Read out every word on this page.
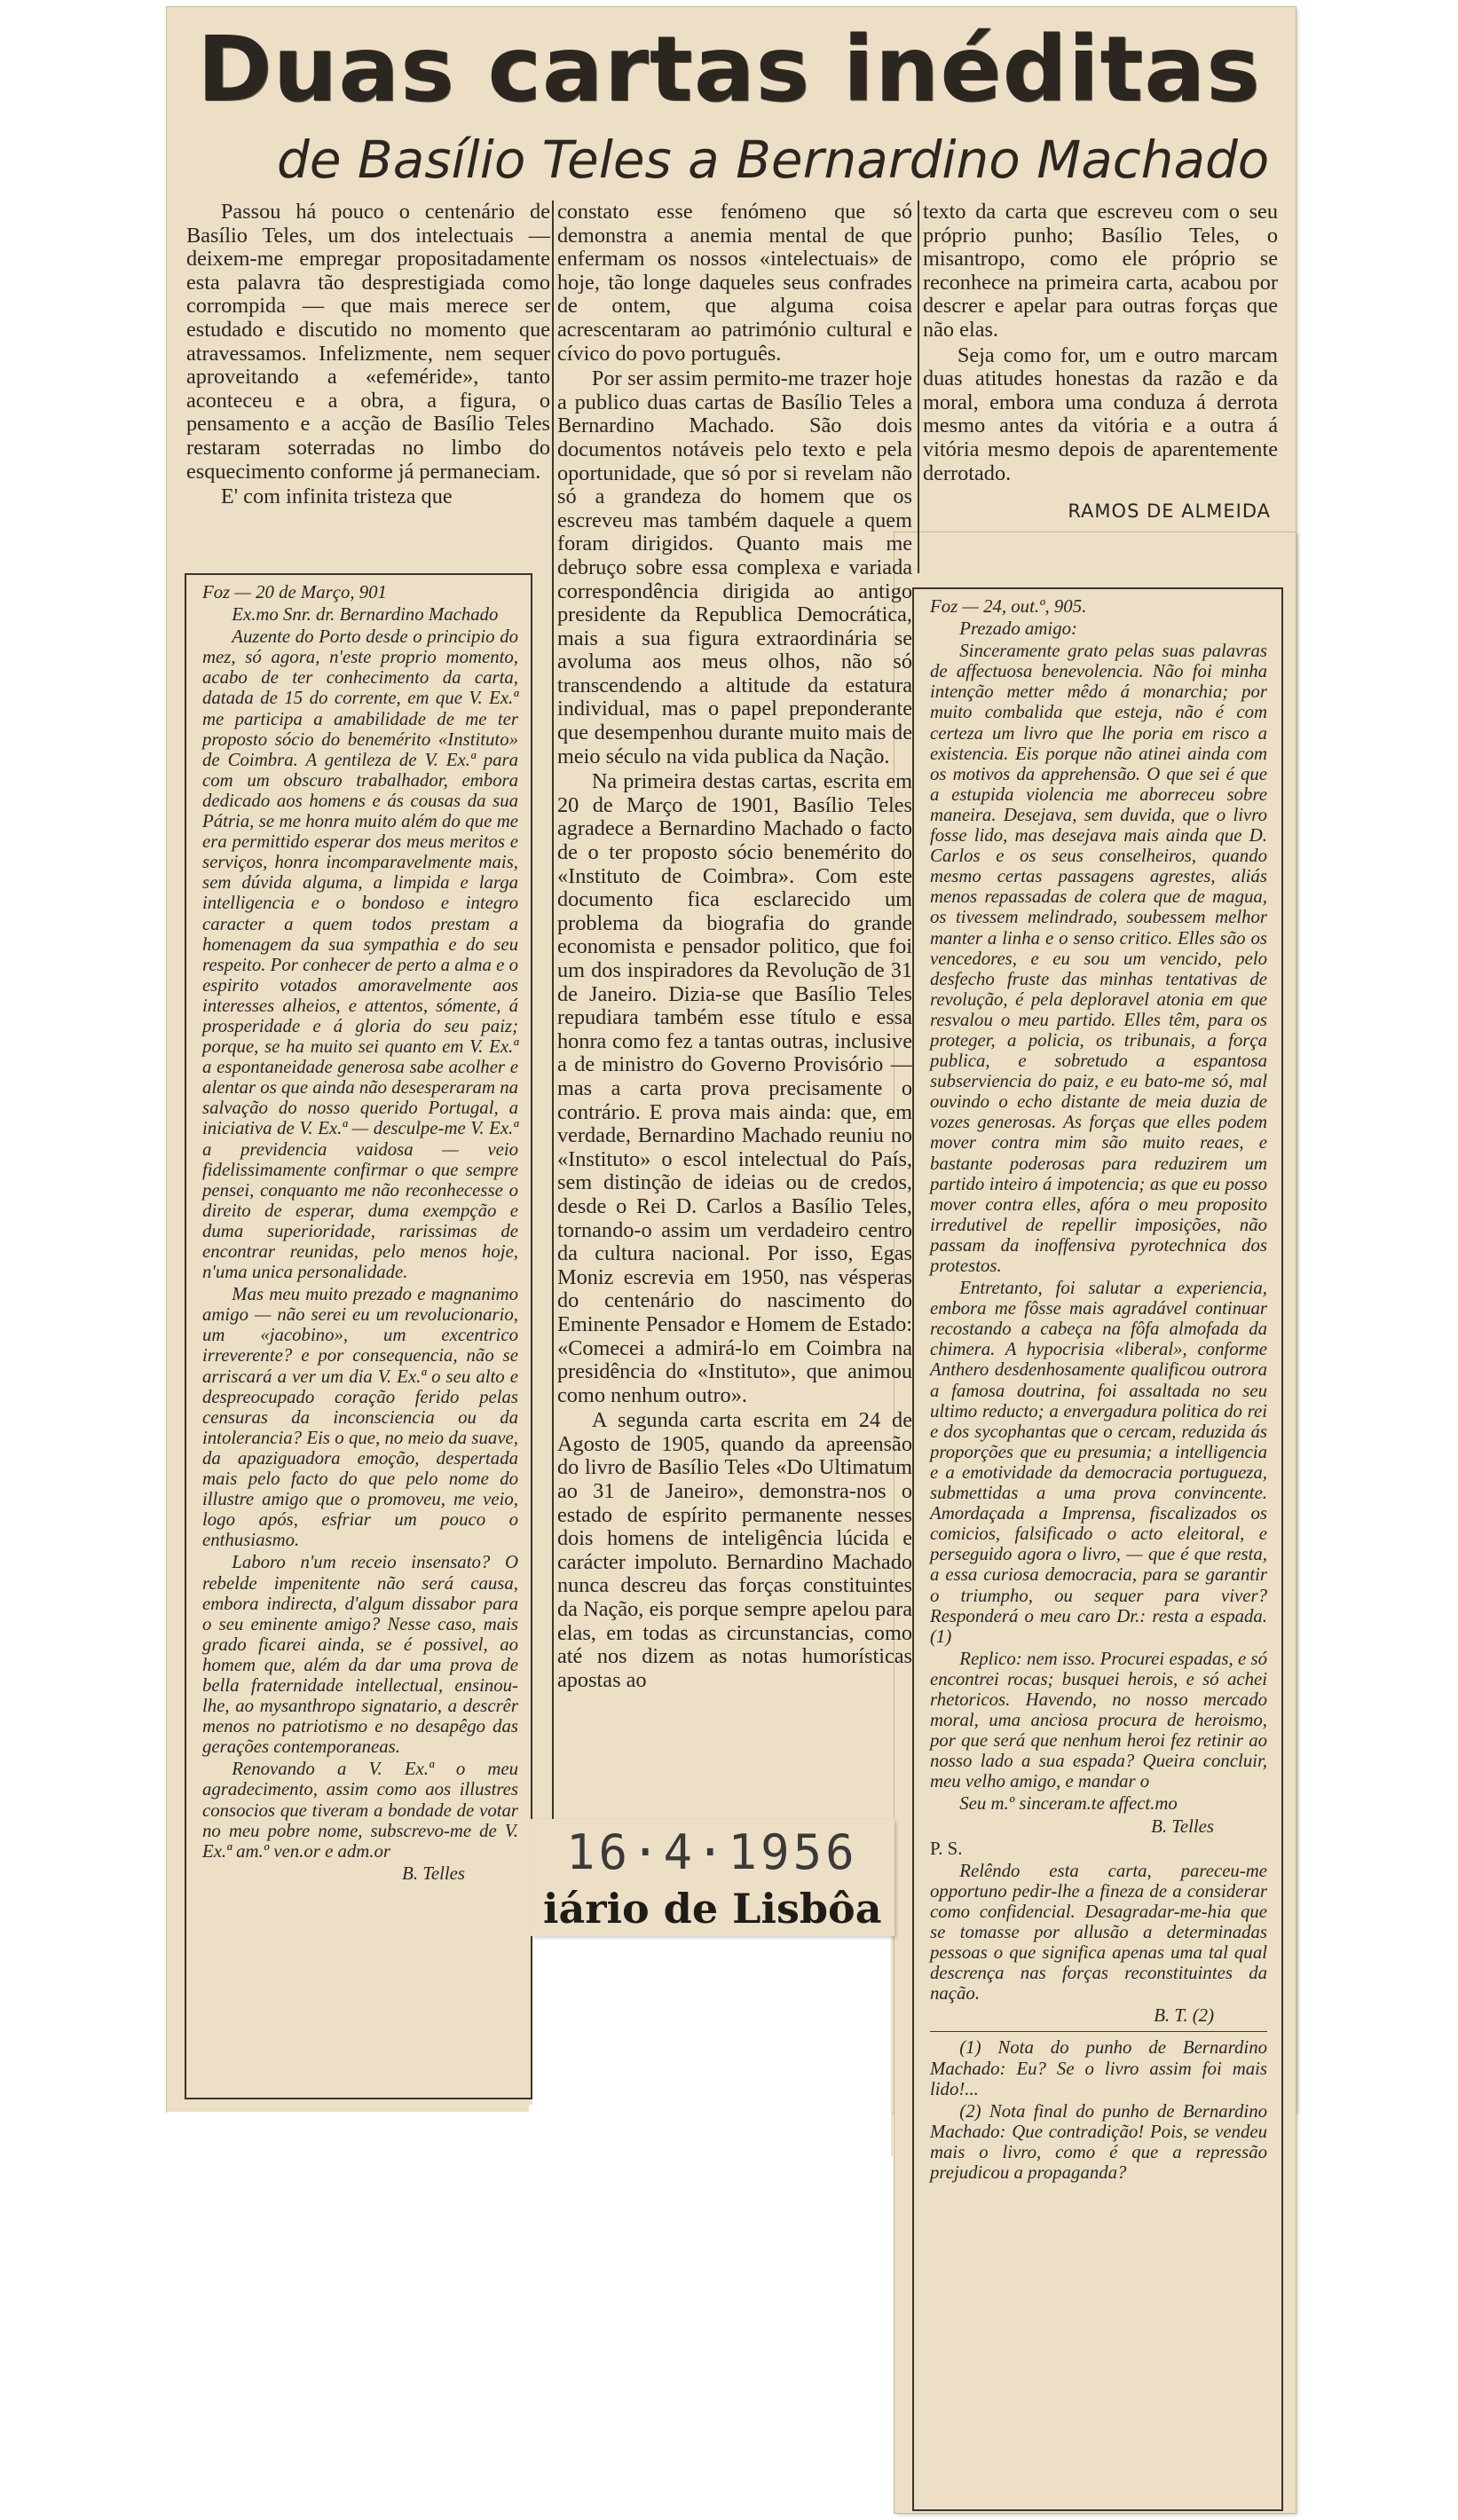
Duas cartas inéditas
de Basílio Teles a Bernardino Machado

Passou há pouco o centenário de Basílio Teles, um dos intelectuais — deixem-me empregar propositadamente esta palavra tão desprestigiada como corrompida — que mais merece ser estudado e discutido no momento que atravessamos. Infelizmente, nem sequer aproveitando a «efeméride», tanto aconteceu e a obra, a figura, o pensamento e a acção de Basílio Teles restaram soterradas no limbo do esquecimento conforme já permaneciam.

E' com infinita tristeza que

constato esse fenómeno que só demonstra a anemia mental de que enfermam os nossos «intelectuais» de hoje, tão longe daqueles seus confrades de ontem, que alguma coisa acrescentaram ao património cultural e cívico do povo português.

Por ser assim permito-me trazer hoje a publico duas cartas de Basílio Teles a Bernardino Machado. São dois documentos notáveis pelo texto e pela oportunidade, que só por si revelam não só a grandeza do homem que os escreveu mas também daquele a quem foram dirigidos. Quanto mais me debruço sobre essa complexa e variada correspondência dirigida ao antigo presidente da Republica Democrática, mais a sua figura extraordinária se avoluma aos meus olhos, não só transcendendo a altitude da estatura individual, mas o papel preponderante que desempenhou durante muito mais de meio século na vida publica da Nação.

Na primeira destas cartas, escrita em 20 de Março de 1901, Basílio Teles agradece a Bernardino Machado o facto de o ter proposto sócio benemérito do «Instituto de Coimbra». Com este documento fica esclarecido um problema da biografia do grande economista e pensador politico, que foi um dos inspiradores da Revolução de 31 de Janeiro. Dizia-se que Basílio Teles repudiara também esse título e essa honra como fez a tantas outras, inclusive a de ministro do Governo Provisório — mas a carta prova precisamente o contrário. E prova mais ainda: que, em verdade, Bernardino Machado reuniu no «Instituto» o escol intelectual do País, sem distinção de ideias ou de credos, desde o Rei D. Carlos a Basílio Teles, tornando-o assim um verdadeiro centro da cultura nacional. Por isso, Egas Moniz escrevia em 1950, nas vésperas do centenário do nascimento do Eminente Pensador e Homem de Estado: «Comecei a admirá-lo em Coimbra na presidência do «Instituto», que animou como nenhum outro».

A segunda carta escrita em 24 de Agosto de 1905, quando da apreensão do livro de Basílio Teles «Do Ultimatum ao 31 de Janeiro», demonstra-nos o estado de espírito permanente nesses dois homens de inteligência lúcida e carácter impoluto. Bernardino Machado nunca descreu das forças constituintes da Nação, eis porque sempre apelou para elas, em todas as circunstancias, como até nos dizem as notas humorísticas apostas ao

texto da carta que escreveu com o seu próprio punho; Basílio Teles, o misantropo, como ele próprio se reconhece na primeira carta, acabou por descrer e apelar para outras forças que não elas.

Seja como for, um e outro marcam duas atitudes honestas da razão e da moral, embora uma conduza á derrota mesmo antes da vitória e a outra á vitória mesmo depois de aparentemente derrotado.

RAMOS DE ALMEIDA

Foz — 20 de Março, 901

Ex.mo Snr. dr. Bernardino Machado

Auzente do Porto desde o principio do mez, só agora, n'este proprio momento, acabo de ter conhecimento da carta, datada de 15 do corrente, em que V. Ex.ª me participa a amabilidade de me ter proposto sócio do benemérito «Instituto» de Coimbra. A gentileza de V. Ex.ª para com um obscuro trabalhador, embora dedicado aos homens e ás cousas da sua Pátria, se me honra muito além do que me era permittido esperar dos meus meritos e serviços, honra incomparavelmente mais, sem dúvida alguma, a limpida e larga intelligencia e o bondoso e integro caracter a quem todos prestam a homenagem da sua sympathia e do seu respeito. Por conhecer de perto a alma e o espirito votados amoravelmente aos interesses alheios, e attentos, sómente, á prosperidade e á gloria do seu paiz; porque, se ha muito sei quanto em V. Ex.ª a espontaneidade generosa sabe acolher e alentar os que ainda não desesperaram na salvação do nosso querido Portugal, a iniciativa de V. Ex.ª — desculpe-me V. Ex.ª a previdencia vaidosa — veio fidelissimamente confirmar o que sempre pensei, conquanto me não reconhecesse o direito de esperar, duma exempção e duma superioridade, rarissimas de encontrar reunidas, pelo menos hoje, n'uma unica personalidade.

Mas meu muito prezado e magnanimo amigo — não serei eu um revolucionario, um «jacobino», um excentrico irreverente? e por consequencia, não se arriscará a ver um dia V. Ex.ª o seu alto e despreocupado coração ferido pelas censuras da inconsciencia ou da intolerancia? Eis o que, no meio da suave, da apaziguadora emoção, despertada mais pelo facto do que pelo nome do illustre amigo que o promoveu, me veio, logo após, esfriar um pouco o enthusiasmo.

Laboro n'um receio insensato? O rebelde impenitente não será causa, embora indirecta, d'algum dissabor para o seu eminente amigo? Nesse caso, mais grado ficarei ainda, se é possivel, ao homem que, além da dar uma prova de bella fraternidade intellectual, ensinou-lhe, ao mysanthropo signatario, a descrêr menos no patriotismo e no desapêgo das gerações contemporaneas.

Renovando a V. Ex.ª o meu agradecimento, assim como aos illustres consocios que tiveram a bondade de votar no meu pobre nome, subscrevo-me de V. Ex.ª am.º ven.or e adm.or

B. Telles

Foz — 24, out.º, 905.

Prezado amigo:

Sinceramente grato pelas suas palavras de affectuosa benevolencia. Não foi minha intenção metter mêdo á monarchia; por muito combalida que esteja, não é com certeza um livro que lhe poria em risco a existencia. Eis porque não atinei ainda com os motivos da apprehensão. O que sei é que a estupida violencia me aborreceu sobre maneira. Desejava, sem duvida, que o livro fosse lido, mas desejava mais ainda que D. Carlos e os seus conselheiros, quando mesmo certas passagens agrestes, aliás menos repassadas de colera que de magua, os tivessem melindrado, soubessem melhor manter a linha e o senso critico. Elles são os vencedores, e eu sou um vencido, pelo desfecho fruste das minhas tentativas de revolução, é pela deploravel atonia em que resvalou o meu partido. Elles têm, para os proteger, a policia, os tribunais, a força publica, e sobretudo a espantosa subserviencia do paiz, e eu bato-me só, mal ouvindo o echo distante de meia duzia de vozes generosas. As forças que elles podem mover contra mim são muito reaes, e bastante poderosas para reduzirem um partido inteiro á impotencia; as que eu posso mover contra elles, afóra o meu proposito irredutivel de repellir imposições, não passam da inoffensiva pyrotechnica dos protestos.

Entretanto, foi salutar a experiencia, embora me fôsse mais agradável continuar recostando a cabeça na fôfa almofada da chimera. A hypocrisia «liberal», conforme Anthero desdenhosamente qualificou outrora a famosa doutrina, foi assaltada no seu ultimo reducto; a envergadura politica do rei e dos sycophantas que o cercam, reduzida ás proporções que eu presumia; a intelligencia e a emotividade da democracia portugueza, submettidas a uma prova convincente. Amordaçada a Imprensa, fiscalizados os comicios, falsificado o acto eleitoral, e perseguido agora o livro, — que é que resta, a essa curiosa democracia, para se garantir o triumpho, ou sequer para viver? Responderá o meu caro Dr.: resta a espada. (1)

Replico: nem isso. Procurei espadas, e só encontrei rocas; busquei herois, e só achei rhetoricos. Havendo, no nosso mercado moral, uma anciosa procura de heroismo, por que será que nenhum heroi fez retinir ao nosso lado a sua espada? Queira concluir, meu velho amigo, e mandar o

Seu m.º sinceram.te affect.mo

B. Telles

P. S.

Relêndo esta carta, pareceu-me opportuno pedir-lhe a fineza de a considerar como confidencial. Desagradar-me-hia que se tomasse por allusão a determinadas pessoas o que significa apenas uma tal qual descrença nas forças reconstituintes da nação.

B. T. (2)

(1) Nota do punho de Bernardino Machado: Eu? Se o livro assim foi mais lido!...

(2) Nota final do punho de Bernardino Machado: Que contradição! Pois, se vendeu mais o livro, como é que a repressão prejudicou a propaganda?

16·4·1956
iário de Lisbôa
